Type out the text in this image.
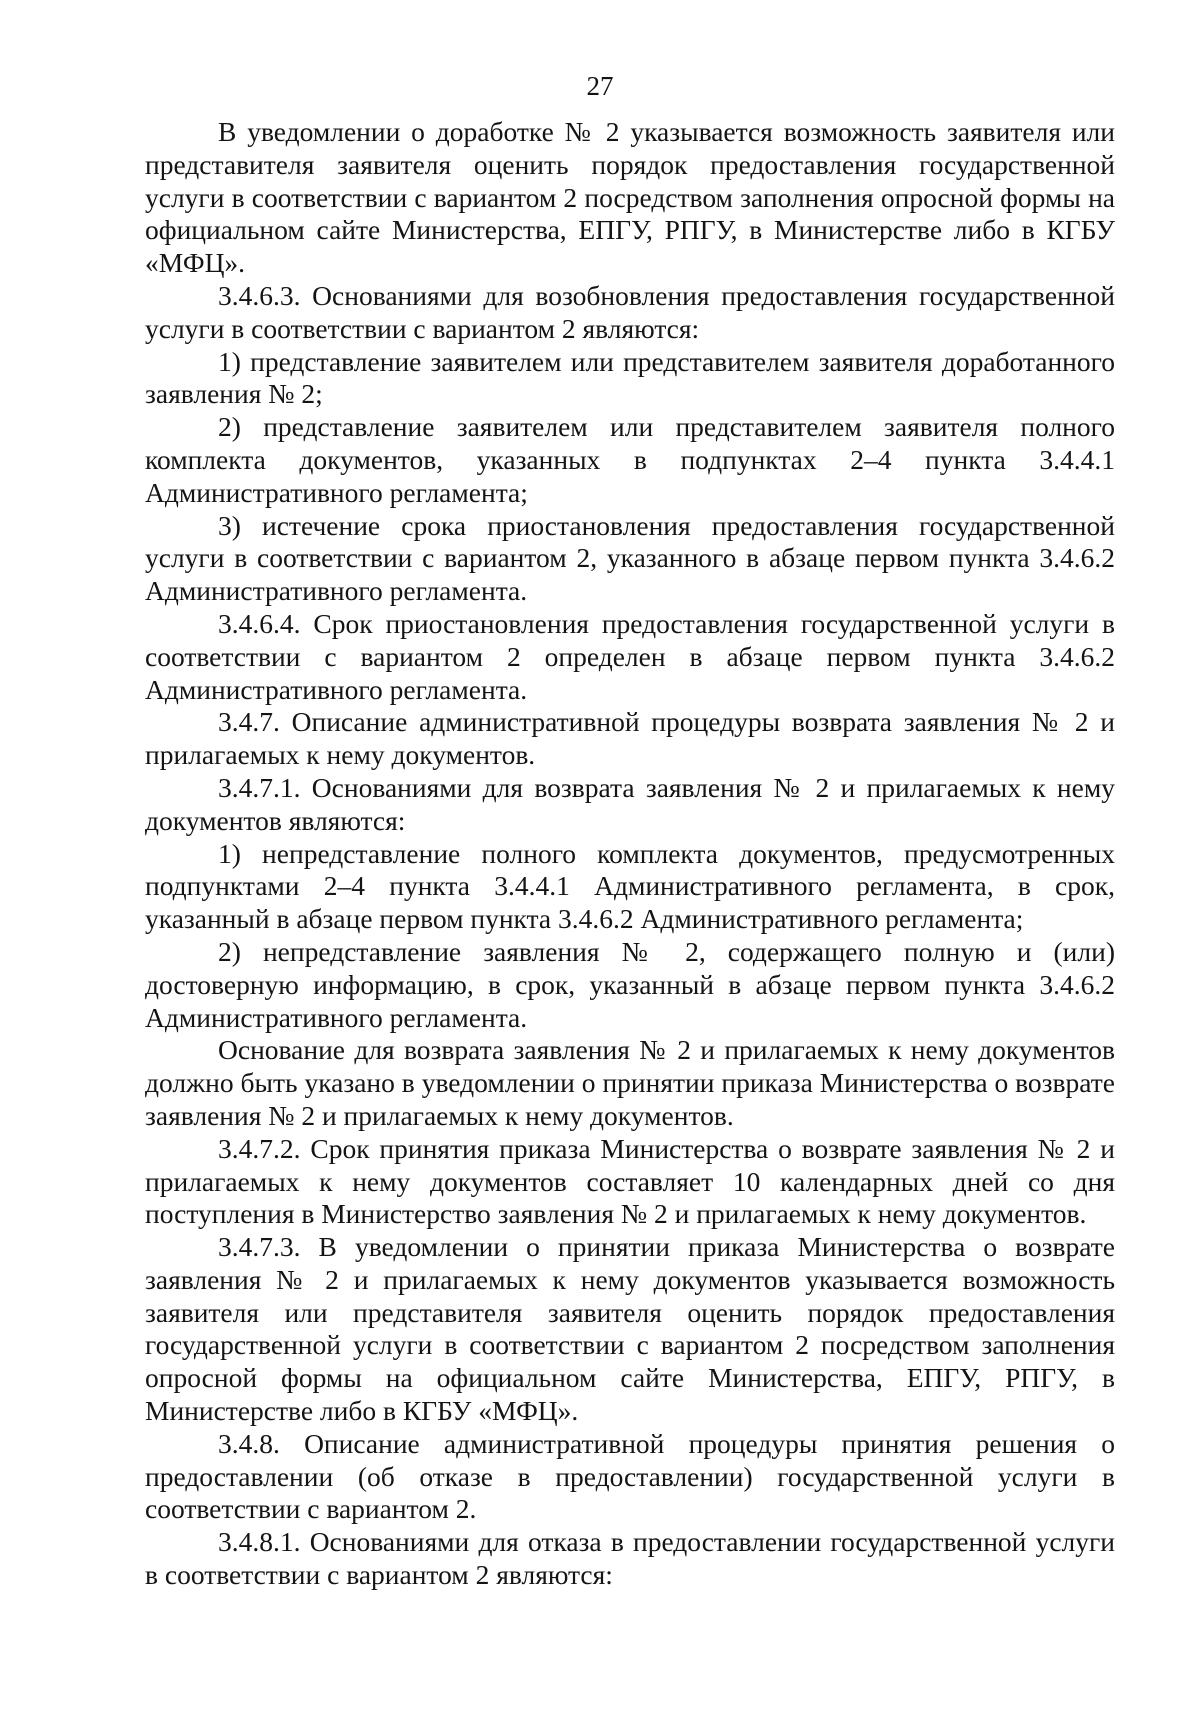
27

В уведомлении о доработке № 2 указывается возможность заявителя или представителя заявителя оценить порядок предоставления государственной услуги в соответствии с вариантом 2 посредством заполнения опросной формы на официальном сайте Министерства, ЕПГУ, РПГУ, в Министерстве либо в КГБУ «МФЦ».

3.4.6.3. Основаниями для возобновления предоставления государственной услуги в соответствии с вариантом 2 являются:

1) представление заявителем или представителем заявителя доработанного заявления № 2;

2) представление заявителем или представителем заявителя полного комплекта документов, указанных в подпунктах 2–4 пункта 3.4.4.1 Административного регламента;

3) истечение срока приостановления предоставления государственной услуги в соответствии с вариантом 2, указанного в абзаце первом пункта 3.4.6.2 Административного регламента.

3.4.6.4. Срок приостановления предоставления государственной услуги в соответствии с вариантом 2 определен в абзаце первом пункта 3.4.6.2 Административного регламента.

3.4.7. Описание административной процедуры возврата заявления № 2 и прилагаемых к нему документов.

3.4.7.1. Основаниями для возврата заявления № 2 и прилагаемых к нему документов являются:

1) непредставление полного комплекта документов, предусмотренных подпунктами 2–4 пункта 3.4.4.1 Административного регламента, в срок, указанный в абзаце первом пункта 3.4.6.2 Административного регламента;

2) непредставление заявления № 2, содержащего полную и (или) достоверную информацию, в срок, указанный в абзаце первом пункта 3.4.6.2 Административного регламента.

Основание для возврата заявления № 2 и прилагаемых к нему документов должно быть указано в уведомлении о принятии приказа Министерства о возврате заявления № 2 и прилагаемых к нему документов.

3.4.7.2. Срок принятия приказа Министерства о возврате заявления № 2 и прилагаемых к нему документов составляет 10 календарных дней со дня поступления в Министерство заявления № 2 и прилагаемых к нему документов.

3.4.7.3. В уведомлении о принятии приказа Министерства о возврате заявления № 2 и прилагаемых к нему документов указывается возможность заявителя или представителя заявителя оценить порядок предоставления государственной услуги в соответствии с вариантом 2 посредством заполнения опросной формы на официальном сайте Министерства, ЕПГУ, РПГУ, в Министерстве либо в КГБУ «МФЦ».

3.4.8. Описание административной процедуры принятия решения о предоставлении (об отказе в предоставлении) государственной услуги в соответствии с вариантом 2.

3.4.8.1. Основаниями для отказа в предоставлении государственной услуги в соответствии с вариантом 2 являются:
